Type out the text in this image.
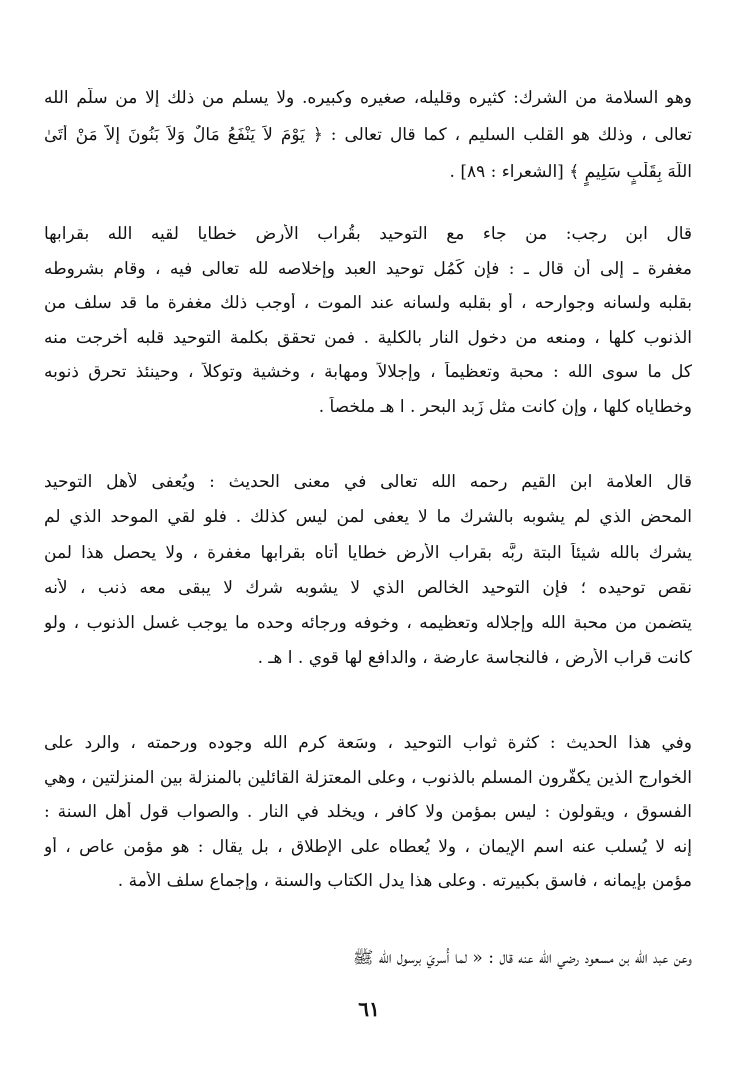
وهو السلامة من الشرك: كثيره وقليله، صغيره وكبيره. ولا يسلم من ذلك إلا من سلّم الله
تعالى ، وذلك هو القلب السليم ، كما قال تعالى : ﴿ يَوْمَ لاَ يَنْفَعُ مَالٌ وَلاَ بَنُونَ إلاَّ مَنْ أَتَىٰ
اللّهَ بِقَلْبٍ سَلِيمٍ ﴾ [الشعراء : ٨٩] .
قال ابن رجب: من جاء مع التوحيد بقُراب الأرض خطايا لقيه الله بقرابها
مغفرة ـ إلى أن قال ـ : فإن كَمُل توحيد العبد وإخلاصه لله تعالى فيه ، وقام بشروطه
بقلبه ولسانه وجوارحه ، أو بقلبه ولسانه عند الموت ، أوجب ذلك مغفرة ما قد سلف من
الذنوب كلها ، ومنعه من دخول النار بالكلية . فمن تحقق بكلمة التوحيد قلبه أخرجت منه
كل ما سوى الله : محبة وتعظيماً ، وإجلالاً ومهابة ، وخشية وتوكلاً ، وحينئذ تحرق ذنوبه
وخطاياه كلها ، وإن كانت مثل زَبد البحر . ا هـ ملخصاً .
قال العلامة ابن القيم رحمه الله تعالى في معنى الحديث : ويُعفى لأهل التوحيد
المحض الذي لم يشوبه بالشرك ما لا يعفى لمن ليس كذلك . فلو لقي الموحد الذي لم
يشرك بالله شيئاً البتة ربَّه بقراب الأرض خطايا أتاه بقرابها مغفرة ، ولا يحصل هذا لمن
نقص توحيده ؛ فإن التوحيد الخالص الذي لا يشوبه شرك لا يبقى معه ذنب ، لأنه
يتضمن من محبة الله وإجلاله وتعظيمه ، وخوفه ورجائه وحده ما يوجب غسل الذنوب ، ولو
كانت قراب الأرض ، فالنجاسة عارضة ، والدافع لها قوي . ا هـ .
وفي هذا الحديث : كثرة ثواب التوحيد ، وسَعة كرم الله وجوده ورحمته ، والرد على
الخوارج الذين يكفّرون المسلم بالذنوب ، وعلى المعتزلة القائلين بالمنزلة بين المنزلتين ، وهي
الفسوق ، ويقولون : ليس بمؤمن ولا كافر ، ويخلد في النار . والصواب قول أهل السنة :
إنه لا يُسلب عنه اسم الإيمان ، ولا يُعطاه على الإطلاق ، بل يقال : هو مؤمن عاص ، أو
مؤمن بإيمانه ، فاسق بكبيرته . وعلى هذا يدل الكتاب والسنة ، وإجماع سلف الأمة .
وعن عبد الله بن مسعود رضي الله عنه قال : « لما أُسريَ برسول الله ﷺ
٦١
